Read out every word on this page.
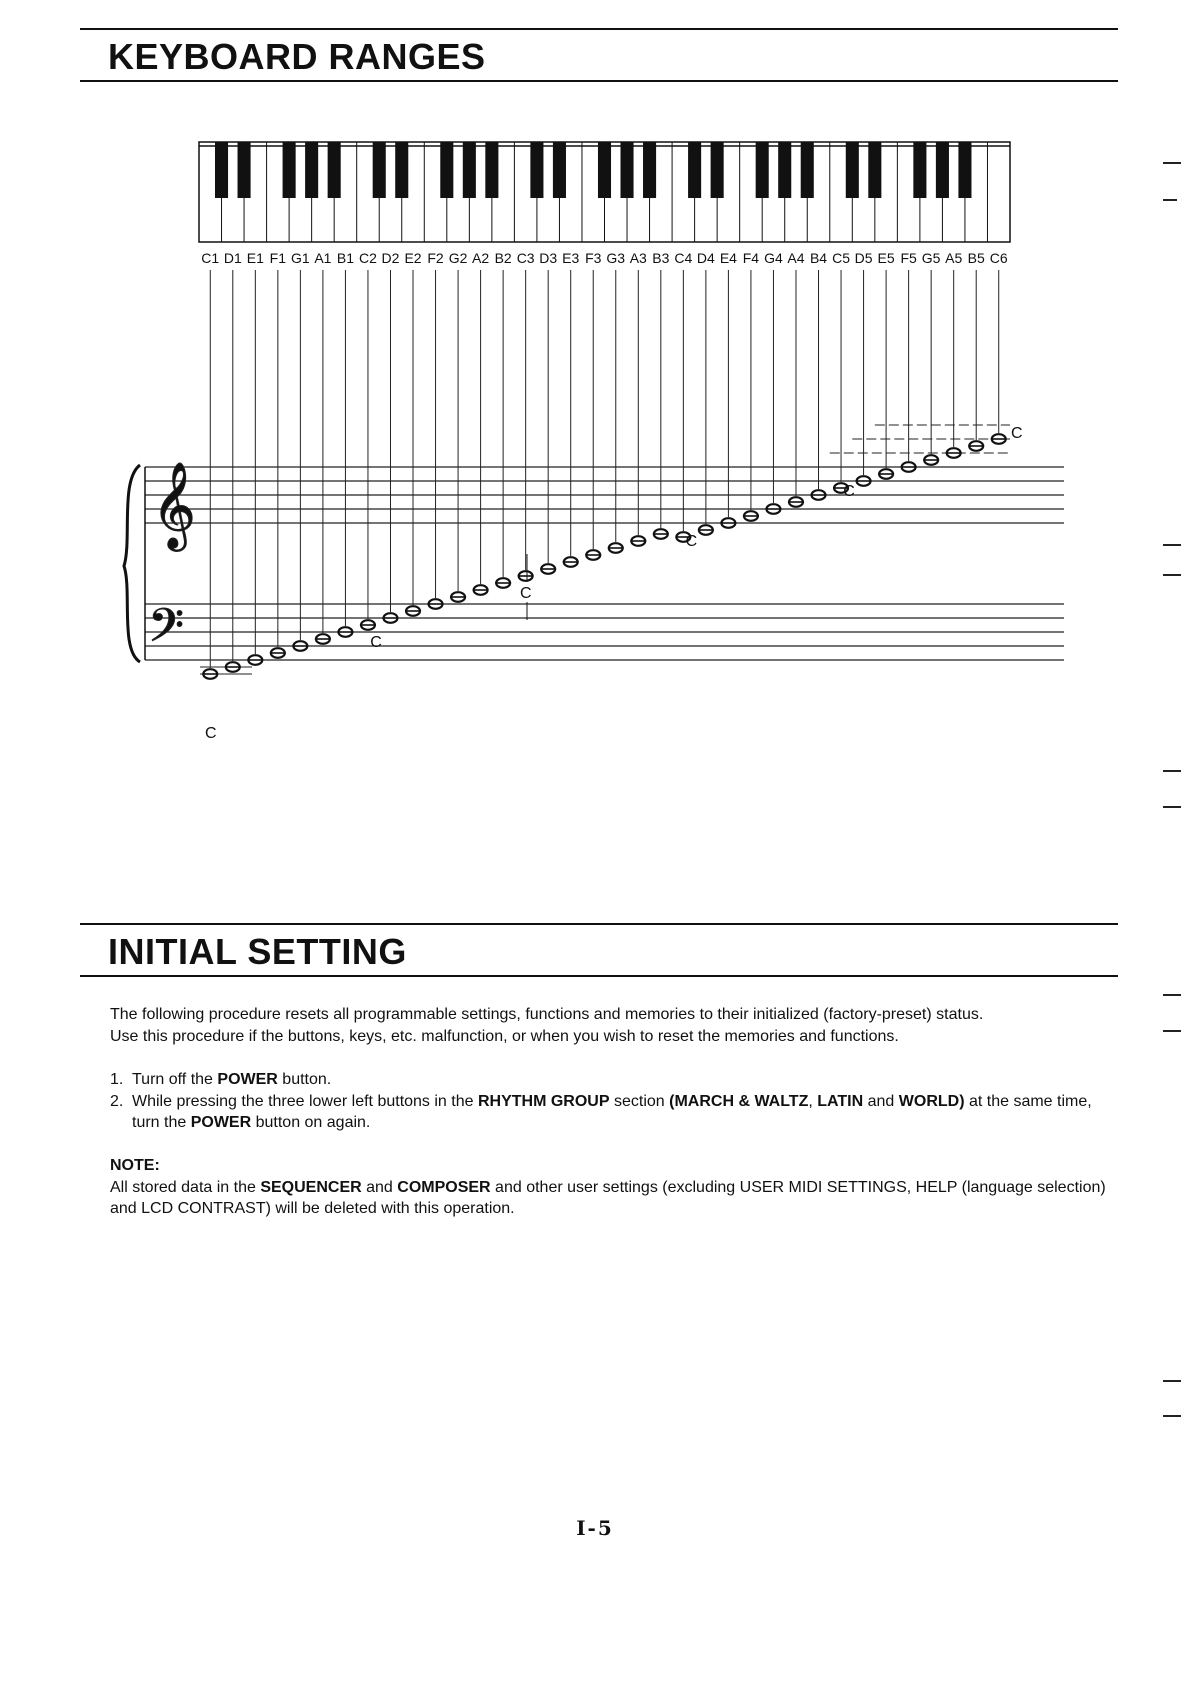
KEYBOARD RANGES
𝄞
𝄢
C1 D1 E1 F1 G1 A1 B1 C2 D2 E2 F2 G2 A2 B2 C3 D3 E3 F3 G3 A3 B3 C4 D4 E4 F4 G4 A4 B4 C5 D5 E5 F5 G5 A5 B5 C6
C
C
C
C
C
C
INITIAL SETTING

The following procedure resets all programmable settings, functions and memories to their initialized (factory-preset) status.

Use this procedure if the buttons, keys, etc. malfunction, or when you wish to reset the memories and functions.

1. Turn off the POWER button.
2. While pressing the three lower left buttons in the RHYTHM GROUP section (MARCH & WALTZ, LATIN and WORLD) at the same time, turn the POWER button on again.

NOTE:

All stored data in the SEQUENCER and COMPOSER and other user settings (excluding USER MIDI SETTINGS, HELP (language selection) and LCD CONTRAST) will be deleted with this operation.

I-5
